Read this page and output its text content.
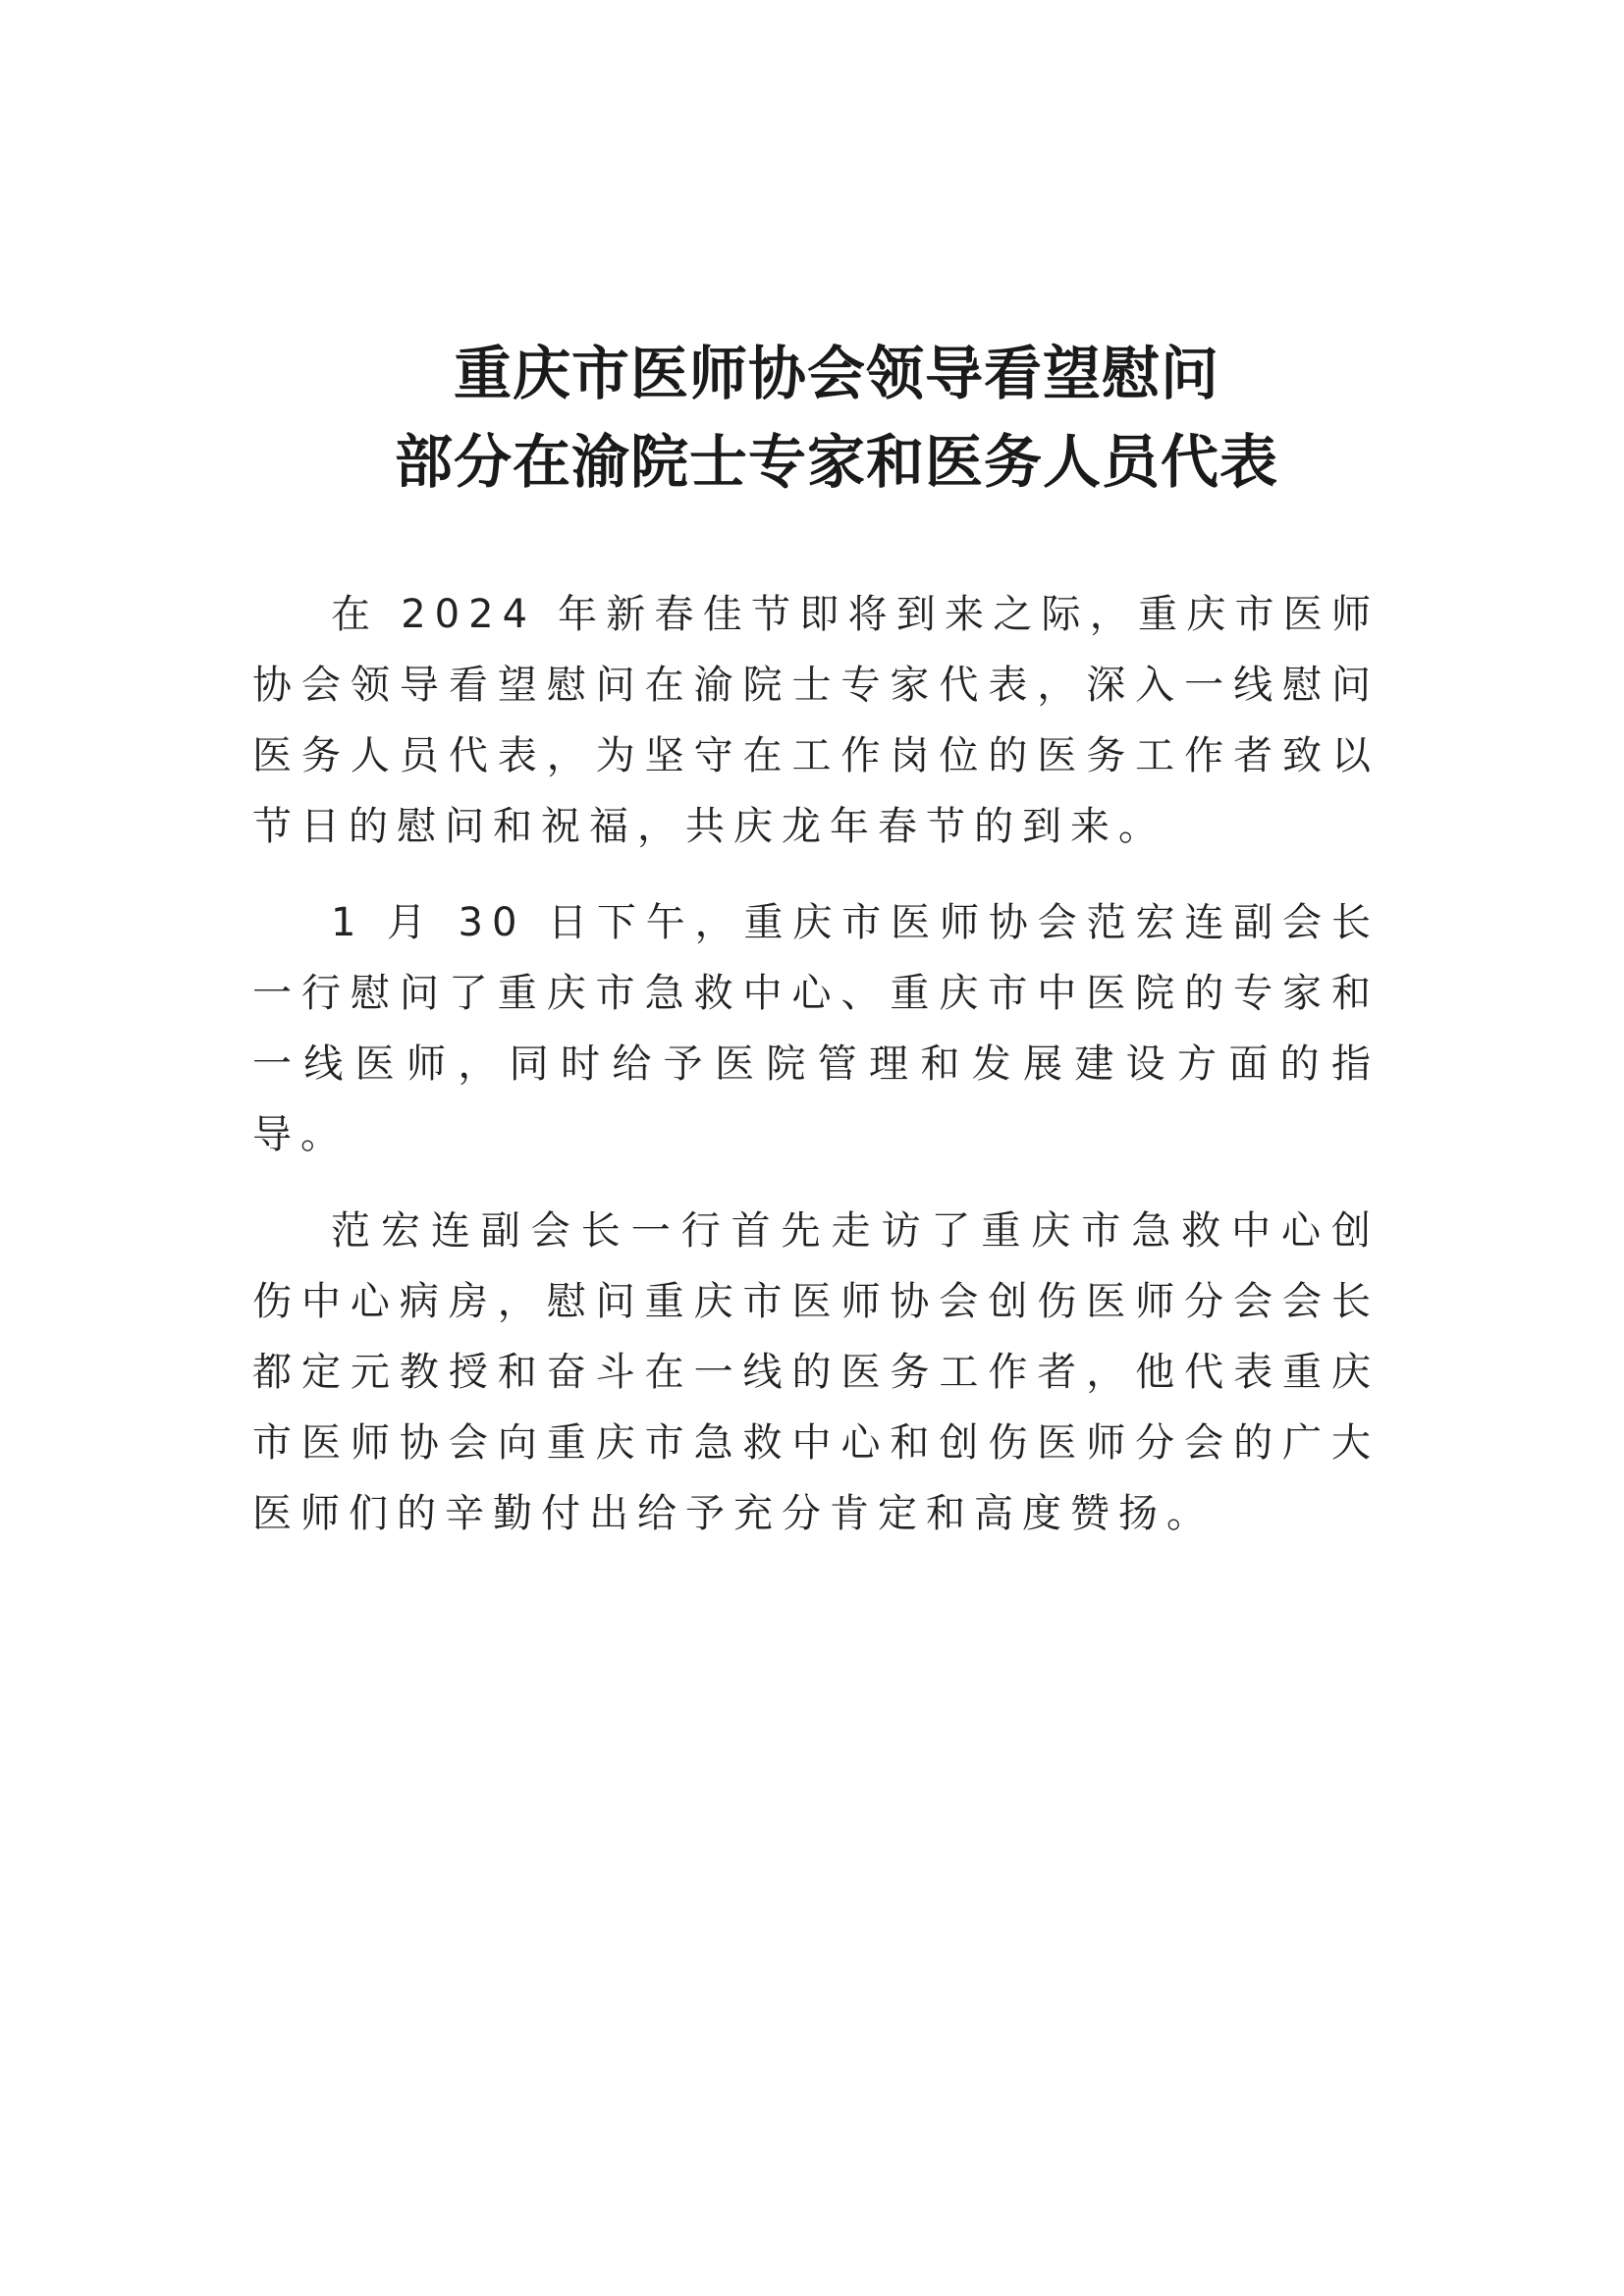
重庆市医师协会领导看望慰问
部分在渝院士专家和医务人员代表

在 2024 年新春佳节即将到来之际，重庆市医师协会领导看望慰问在渝院士专家代表，深入一线慰问医务人员代表，为坚守在工作岗位的医务工作者致以节日的慰问和祝福，共庆龙年春节的到来。

1 月 30 日下午，重庆市医师协会范宏连副会长一行慰问了重庆市急救中心、重庆市中医院的专家和一线医师，同时给予医院管理和发展建设方面的指导。

范宏连副会长一行首先走访了重庆市急救中心创伤中心病房，慰问重庆市医师协会创伤医师分会会长都定元教授和奋斗在一线的医务工作者，他代表重庆市医师协会向重庆市急救中心和创伤医师分会的广大医师们的辛勤付出给予充分肯定和高度赞扬。
